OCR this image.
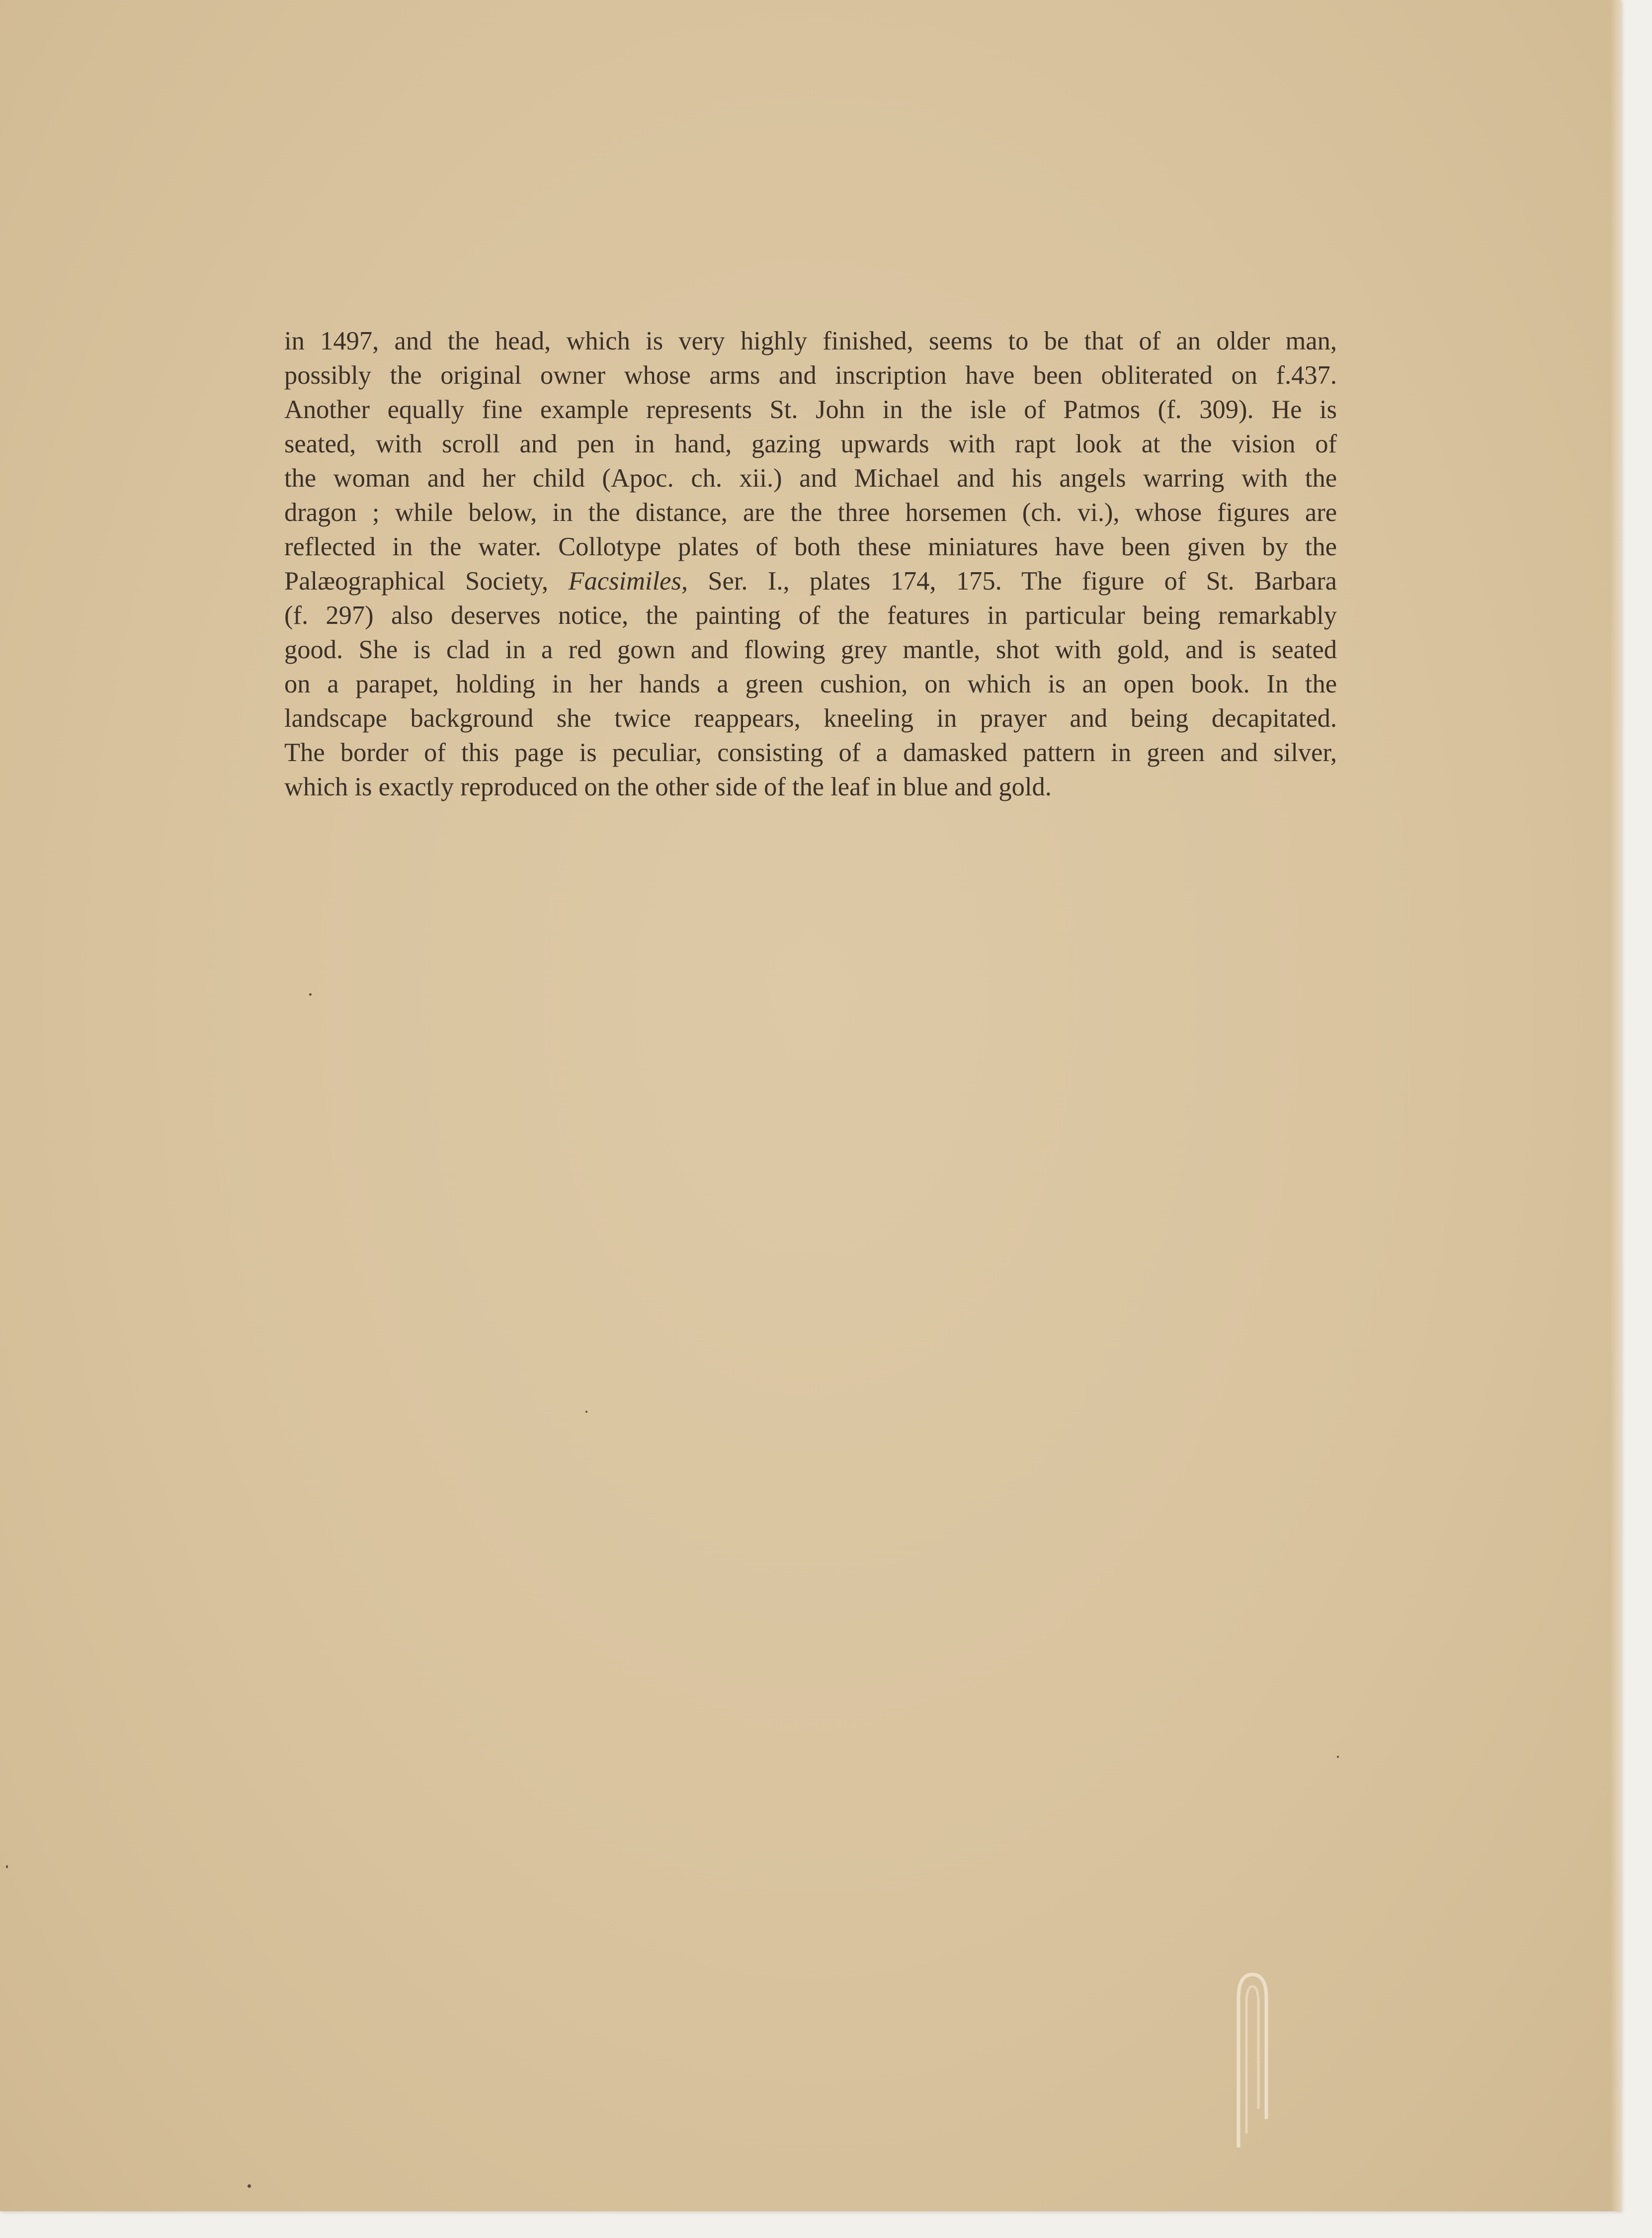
in 1497, and the head, which is very highly finished, seems to be that of an older man,
possibly the original owner whose arms and inscription have been obliterated on f.437.
Another equally fine example represents St. John in the isle of Patmos (f. 309). He is
seated, with scroll and pen in hand, gazing upwards with rapt look at the vision of
the woman and her child (Apoc. ch. xii.) and Michael and his angels warring with the
dragon ; while below, in the distance, are the three horsemen (ch. vi.), whose figures are
reflected in the water. Collotype plates of both these miniatures have been given by the
Palæographical Society, Facsimiles, Ser. I., plates 174, 175. The figure of St. Barbara
(f. 297) also deserves notice, the painting of the features in particular being remarkably
good. She is clad in a red gown and flowing grey mantle, shot with gold, and is seated
on a parapet, holding in her hands a green cushion, on which is an open book. In the
landscape background she twice reappears, kneeling in prayer and being decapitated.
The border of this page is peculiar, consisting of a damasked pattern in green and silver,
which is exactly reproduced on the other side of the leaf in blue and gold.
